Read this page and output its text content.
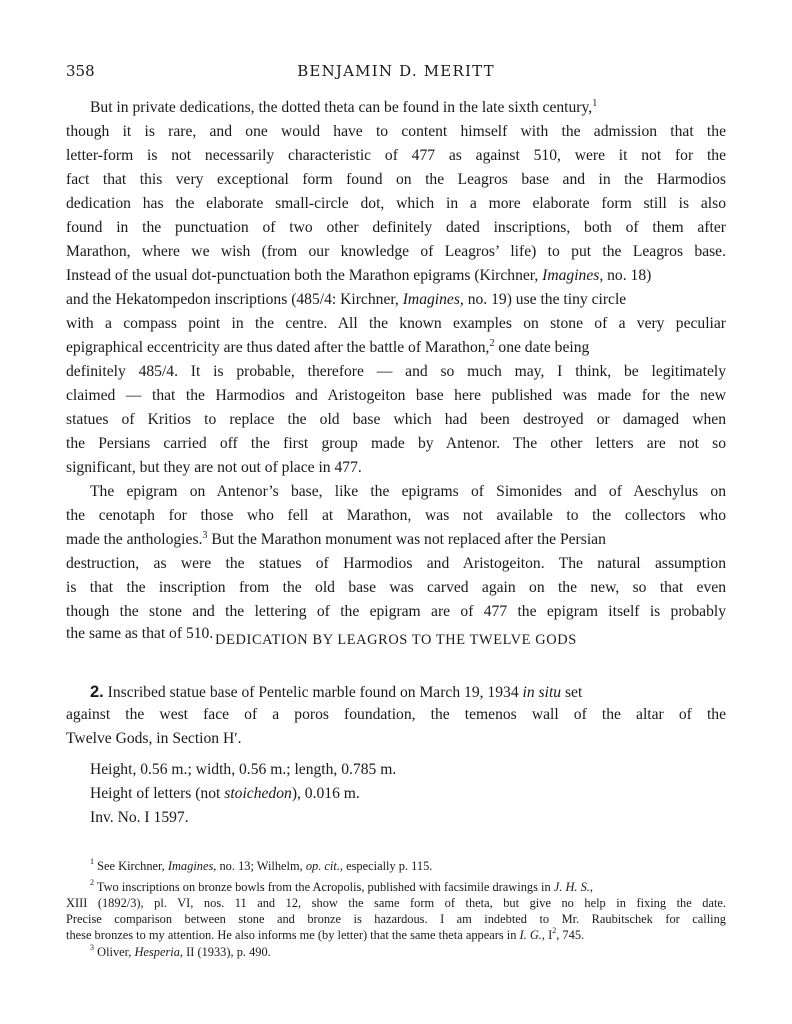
358	BENJAMIN D. MERITT
But in private dedications, the dotted theta can be found in the late sixth century,$^1$
though it is rare, and one would have to content himself with the admission that the
letter-form is not necessarily characteristic of 477 as against 510, were it not for the
fact that this very exceptional form found on the Leagros base and in the Harmodios
dedication has the elaborate small-circle dot, which in a more elaborate form still is also
found in the punctuation of two other definitely dated inscriptions, both of them after
Marathon, where we wish (from our knowledge of Leagros’ life) to put the Leagros base.
Instead of the usual dot-punctuation both the Marathon epigrams (Kirchner, Imagines, no. 18)
and the Hekatompedon inscriptions (485/4: Kirchner, Imagines, no. 19) use the tiny circle
with a compass point in the centre. All the known examples on stone of a very peculiar
epigraphical eccentricity are thus dated after the battle of Marathon,$^2$ one date being
definitely 485/4. It is probable, therefore — and so much may, I think, be legitimately
claimed — that the Harmodios and Aristogeiton base here published was made for the new
statues of Kritios to replace the old base which had been destroyed or damaged when
the Persians carried off the first group made by Antenor. The other letters are not so
significant, but they are not out of place in 477.
The epigram on Antenor’s base, like the epigrams of Simonides and of Aeschylus on
the cenotaph for those who fell at Marathon, was not available to the collectors who
made the anthologies.$^3$ But the Marathon monument was not replaced after the Persian
destruction, as were the statues of Harmodios and Aristogeiton. The natural assumption
is that the inscription from the old base was carved again on the new, so that even
though the stone and the lettering of the epigram are of 477 the epigram itself is probably
the same as that of 510. DEDICATION BY LEAGROS TO THE TWELVE GODS
2. Inscribed statue base of Pentelic marble found on March 19, 1934 in situ set
against the west face of a poros foundation, the temenos wall of the altar of the
Twelve Gods, in Section Hʹ.
Height, 0.56 m.; width, 0.56 m.; length, 0.785 m.
Height of letters (not stoichedon), 0.016 m.
Inv. No. I 1597.
$^1$ See Kirchner, Imagines, no. 13; Wilhelm, op. cit., especially p. 115.
$^2$ Two inscriptions on bronze bowls from the Acropolis, published with facsimile drawings in J. H. S.,
XIII (1892/3), pl. VI, nos. 11 and 12, show the same form of theta, but give no help in fixing the date.
Precise comparison between stone and bronze is hazardous. I am indebted to Mr. Raubitschek for calling
these bronzes to my attention. He also informs me (by letter) that the same theta appears in I. G., $I^2$, 745.
$^3$ Oliver, Hesperia, II (1933), p. 490.
